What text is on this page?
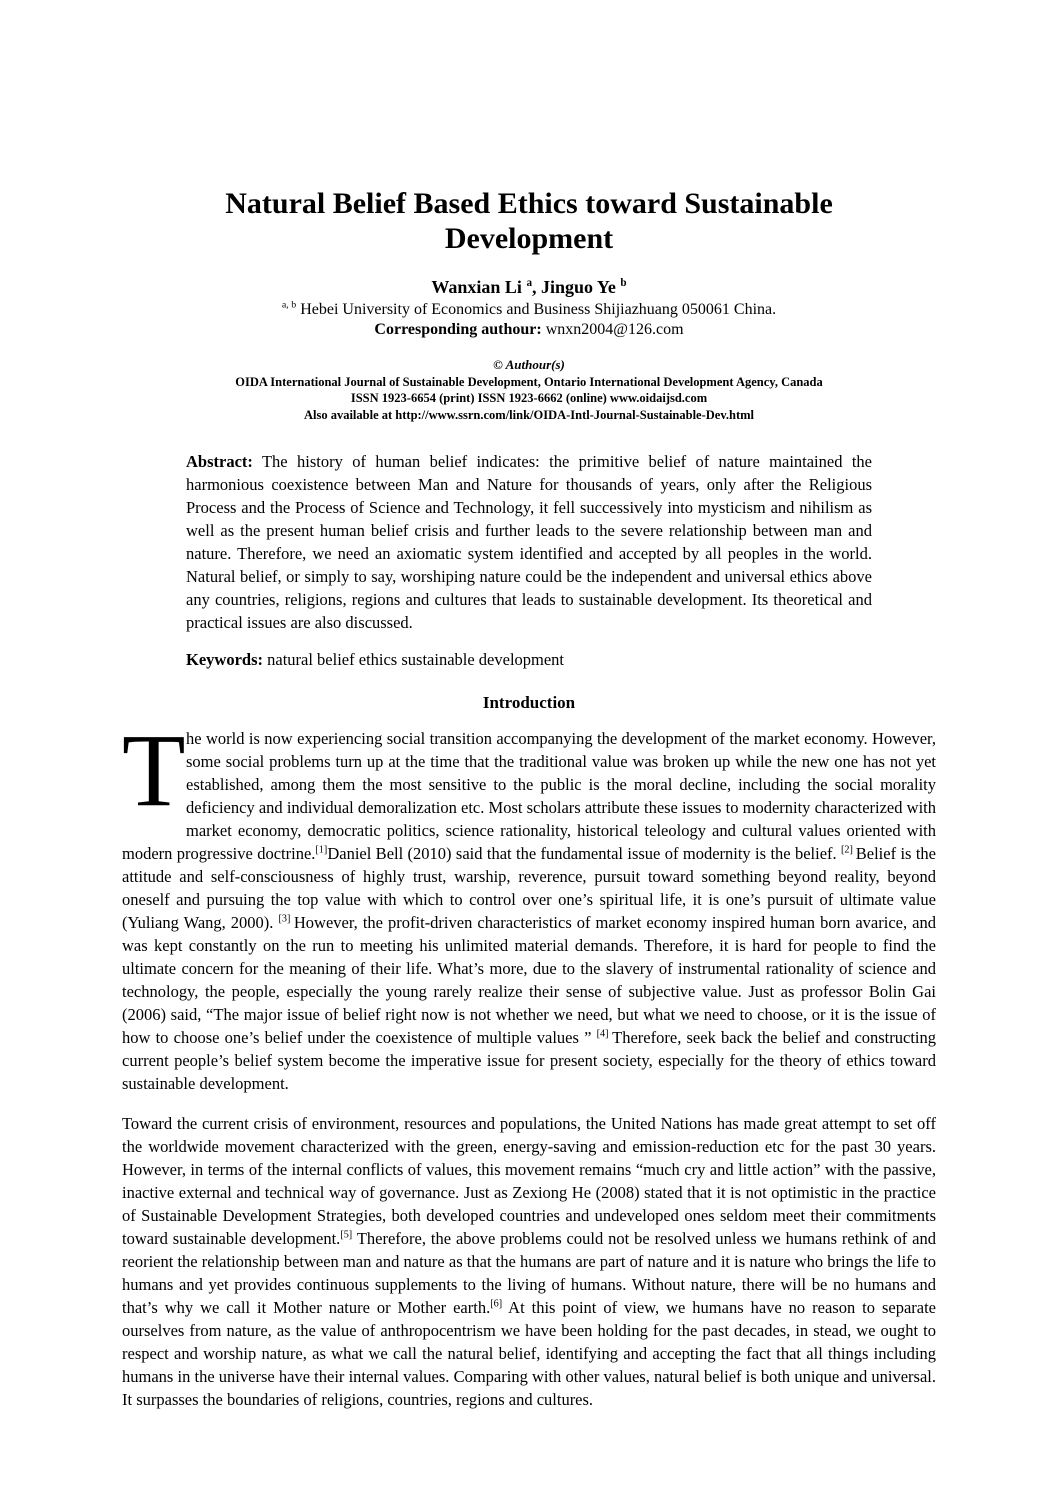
Natural Belief Based Ethics toward Sustainable Development
Wanxian Li $^a$, Jinguo Ye $^b$
$^{a, b}$ Hebei University of Economics and Business Shijiazhuang 050061 China.
Corresponding authour: wnxn2004@126.com
© Authour(s)
OIDA International Journal of Sustainable Development, Ontario International Development Agency, Canada
ISSN 1923-6654 (print) ISSN 1923-6662 (online) www.oidaijsd.com
Also available at http://www.ssrn.com/link/OIDA-Intl-Journal-Sustainable-Dev.html

Abstract: The history of human belief indicates: the primitive belief of nature maintained the harmonious coexistence between Man and Nature for thousands of years, only after the Religious Process and the Process of Science and Technology, it fell successively into mysticism and nihilism as well as the present human belief crisis and further leads to the severe relationship between man and nature. Therefore, we need an axiomatic system identified and accepted by all peoples in the world. Natural belief, or simply to say, worshiping nature could be the independent and universal ethics above any countries, religions, regions and cultures that leads to sustainable development. Its theoretical and practical issues are also discussed.

Keywords: natural belief ethics sustainable development

Introduction

The world is now experiencing social transition accompanying the development of the market economy. However, some social problems turn up at the time that the traditional value was broken up while the new one has not yet established, among them the most sensitive to the public is the moral decline, including the social morality deficiency and individual demoralization etc. Most scholars attribute these issues to modernity characterized with market economy, democratic politics, science rationality, historical teleology and cultural values oriented with modern progressive doctrine.[1]Daniel Bell (2010) said that the fundamental issue of modernity is the belief. [2] Belief is the attitude and self-consciousness of highly trust, warship, reverence, pursuit toward something beyond reality, beyond oneself and pursuing the top value with which to control over one’s spiritual life, it is one’s pursuit of ultimate value (Yuliang Wang, 2000). [3] However, the profit-driven characteristics of market economy inspired human born avarice, and was kept constantly on the run to meeting his unlimited material demands. Therefore, it is hard for people to find the ultimate concern for the meaning of their life. What’s more, due to the slavery of instrumental rationality of science and technology, the people, especially the young rarely realize their sense of subjective value. Just as professor Bolin Gai (2006) said, “The major issue of belief right now is not whether we need, but what we need to choose, or it is the issue of how to choose one’s belief under the coexistence of multiple values ” [4] Therefore, seek back the belief and constructing current people’s belief system become the imperative issue for present society, especially for the theory of ethics toward sustainable development.

Toward the current crisis of environment, resources and populations, the United Nations has made great attempt to set off the worldwide movement characterized with the green, energy-saving and emission-reduction etc for the past 30 years. However, in terms of the internal conflicts of values, this movement remains “much cry and little action” with the passive, inactive external and technical way of governance. Just as Zexiong He (2008) stated that it is not optimistic in the practice of Sustainable Development Strategies, both developed countries and undeveloped ones seldom meet their commitments toward sustainable development.[5] Therefore, the above problems could not be resolved unless we humans rethink of and reorient the relationship between man and nature as that the humans are part of nature and it is nature who brings the life to humans and yet provides continuous supplements to the living of humans. Without nature, there will be no humans and that’s why we call it Mother nature or Mother earth.[6] At this point of view, we humans have no reason to separate ourselves from nature, as the value of anthropocentrism we have been holding for the past decades, in stead, we ought to respect and worship nature, as what we call the natural belief, identifying and accepting the fact that all things including humans in the universe have their internal values. Comparing with other values, natural belief is both unique and universal. It surpasses the boundaries of religions, countries, regions and cultures.
